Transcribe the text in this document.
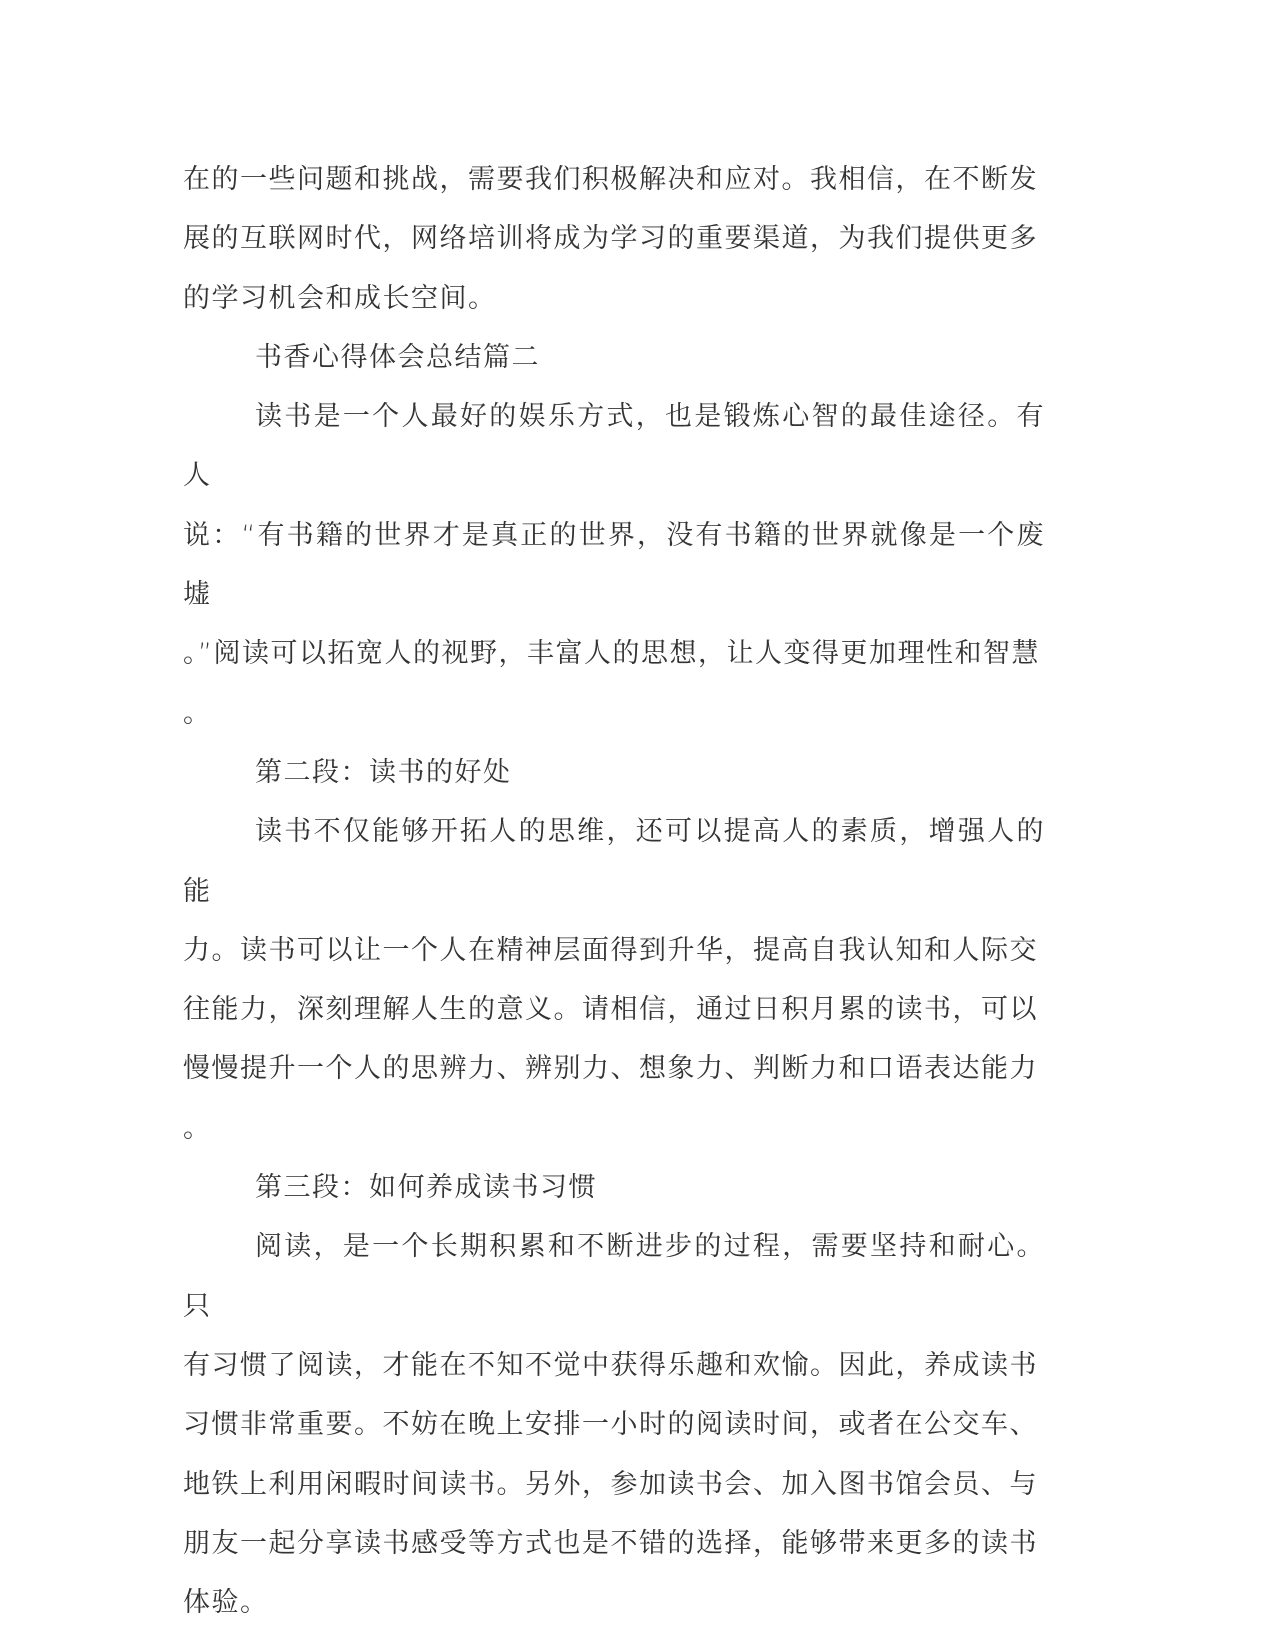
在的一些问题和挑战，需要我们积极解决和应对。我相信，在不断发
展的互联网时代，网络培训将成为学习的重要渠道，为我们提供更多
的学习机会和成长空间。
书香心得体会总结篇二
读书是一个人最好的娱乐方式，也是锻炼心智的最佳途径。有人
说：“有书籍的世界才是真正的世界，没有书籍的世界就像是一个废墟
。”阅读可以拓宽人的视野，丰富人的思想，让人变得更加理性和智慧
。
第二段：读书的好处
读书不仅能够开拓人的思维，还可以提高人的素质，增强人的能
力。读书可以让一个人在精神层面得到升华，提高自我认知和人际交
往能力，深刻理解人生的意义。请相信，通过日积月累的读书，可以
慢慢提升一个人的思辨力、辨别力、想象力、判断力和口语表达能力
。
第三段：如何养成读书习惯
阅读，是一个长期积累和不断进步的过程，需要坚持和耐心。只
有习惯了阅读，才能在不知不觉中获得乐趣和欢愉。因此，养成读书
习惯非常重要。不妨在晚上安排一小时的阅读时间，或者在公交车、
地铁上利用闲暇时间读书。另外，参加读书会、加入图书馆会员、与
朋友一起分享读书感受等方式也是不错的选择，能够带来更多的读书
体验。
